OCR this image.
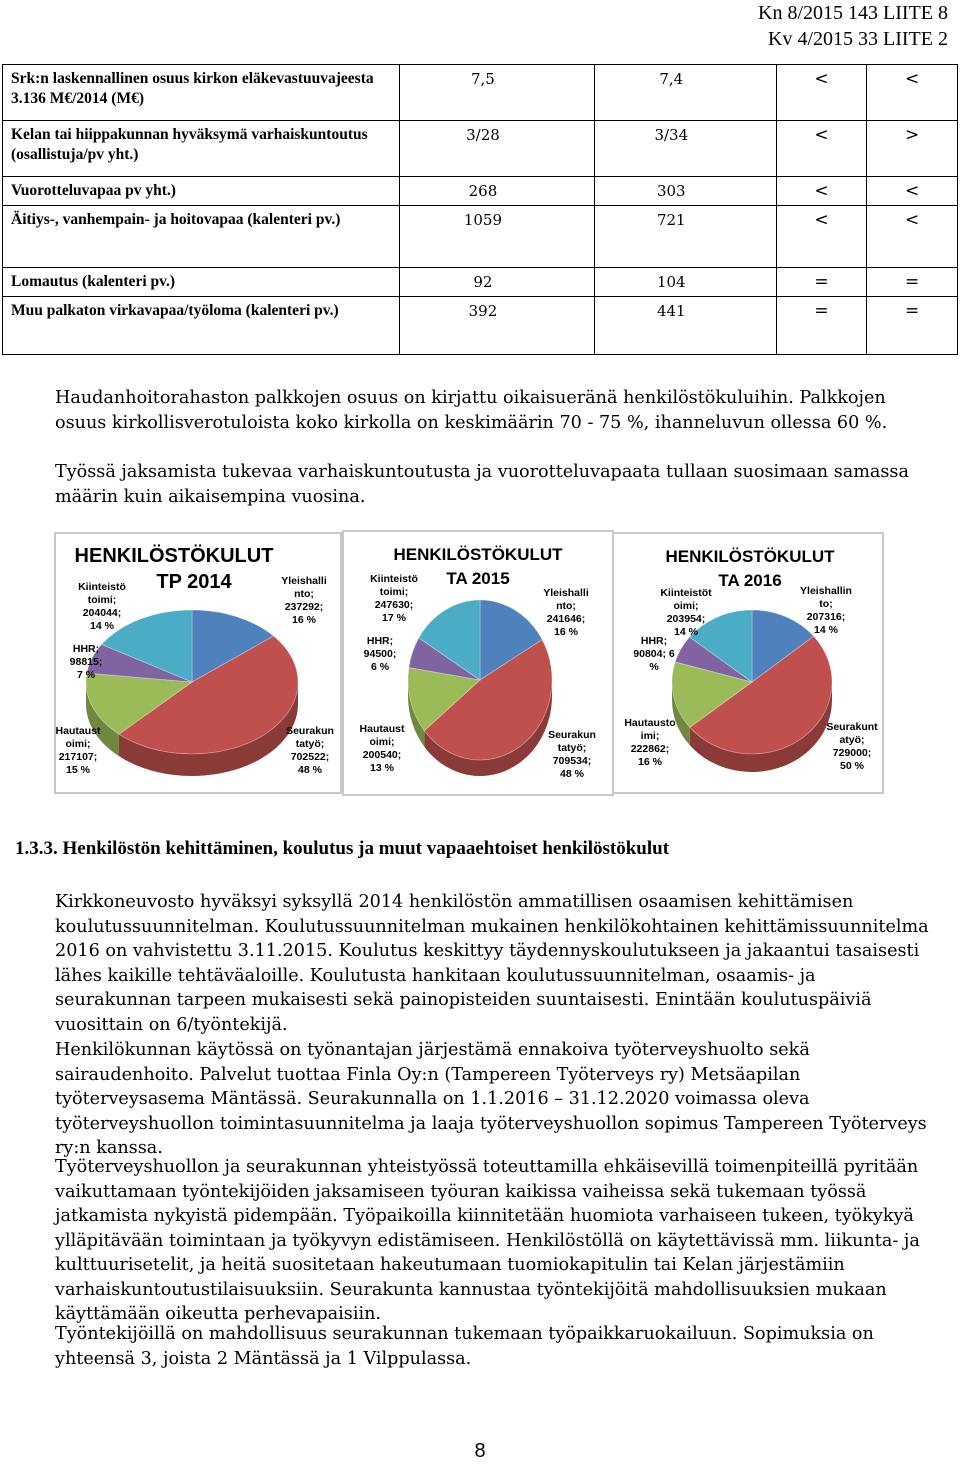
Kn 8/2015 143 LIITE 8
Kv 4/2015 33 LIITE 2
Srk:n laskennallinen osuus kirkon eläkevastuuvajeesta 3.136 M€/2014 (M€)	7,5	7,4	<	<
Kelan tai hiippakunnan hyväksymä varhaiskuntoutus (osallistuja/pv yht.)	3/28	3/34	<	>
Vuorotteluvapaa pv yht.)	268	303	<	<
Äitiys-, vanhempain- ja hoitovapaa (kalenteri pv.)	1059	721	<	<
Lomautus (kalenteri pv.)	92	104	=	=
Muu palkaton virkavapaa/työloma (kalenteri pv.)	392	441	=	=
Haudanhoitorahaston palkkojen osuus on kirjattu oikaisueränä henkilöstökuluihin. Palkkojen osuus kirkollisverotuloista koko kirkolla on keskimäärin 70 - 75 %, ihanneluvun ollessa 60 %.
Työssä jaksamista tukevaa varhaiskuntoutusta ja vuorotteluvapaata tullaan suosimaan samassa määrin kuin aikaisempina vuosina.
HENKILÖSTÖKULUT
TP 2014
Kiinteistö toimi; 204044; 14 %
Seurakun tatyö; 702522; 48 %
Hautaust oimi; 217107; 15 %
HHR; 98815; 7 %
Yleishalli nto; 237292; 16 %
HENKILÖSTÖKULUT
TA 2015
Kiinteistö toimi; 247630; 17 %
Seurakun tatyö; 709534; 48 %
Hautaust oimi; 200540; 13 %
HHR; 94500; 6 %
Yleishalli nto; 241646; 16 %
HENKILÖSTÖKULUT
TA 2016
Kiinteistöt oimi; 203954; 14 %
Seurakunt atyö; 729000; 50 %
Hautausto imi; 222862; 16 %
HHR; 90804; 6 %
Yleishallin to; 207316; 14 %
1.3.3. Henkilöstön kehittäminen, koulutus ja muut vapaaehtoiset henkilöstökulut
Kirkkoneuvosto hyväksyi syksyllä 2014 henkilöstön ammatillisen osaamisen kehittämisen koulutussuunnitelman. Koulutussuunnitelman mukainen henkilökohtainen kehittämissuunnitelma 2016 on vahvistettu 3.11.2015. Koulutus keskittyy täydennyskoulutukseen ja jakaantui tasaisesti lähes kaikille tehtäväaloille. Koulutusta hankitaan koulutussuunnitelman, osaamis- ja seurakunnan tarpeen mukaisesti sekä painopisteiden suuntaisesti. Enintään koulutuspäiviä vuosittain on 6/työntekijä.
Henkilökunnan käytössä on työnantajan järjestämä ennakoiva työterveyshuolto sekä sairaudenhoito. Palvelut tuottaa Finla Oy:n (Tampereen Työterveys ry) Metsäapilan työterveysasema Mäntässä. Seurakunnalla on 1.1.2016 – 31.12.2020 voimassa oleva työterveyshuollon toimintasuunnitelma ja laaja työterveyshuollon sopimus Tampereen Työterveys ry:n kanssa.
Työterveyshuollon ja seurakunnan yhteistyössä toteuttamilla ehkäisevillä toimenpiteillä pyritään vaikuttamaan työntekijöiden jaksamiseen työuran kaikissa vaiheissa sekä tukemaan työssä jatkamista nykyistä pidempään. Työpaikoilla kiinnitetään huomiota varhaiseen tukeen, työkykyä ylläpitävään toimintaan ja työkyvyn edistämiseen. Henkilöstöllä on käytettävissä mm. liikunta- ja kulttuurisetelit, ja heitä suositetaan hakeutumaan tuomiokapitulin tai Kelan järjestämiin varhaiskuntoutustilaisuuksiin. Seurakunta kannustaa työntekijöitä mahdollisuuksien mukaan käyttämään oikeutta perhevapaisiin.
Työntekijöillä on mahdollisuus seurakunnan tukemaan työpaikkaruokailuun. Sopimuksia on yhteensä 3, joista 2 Mäntässä ja 1 Vilppulassa.
8
